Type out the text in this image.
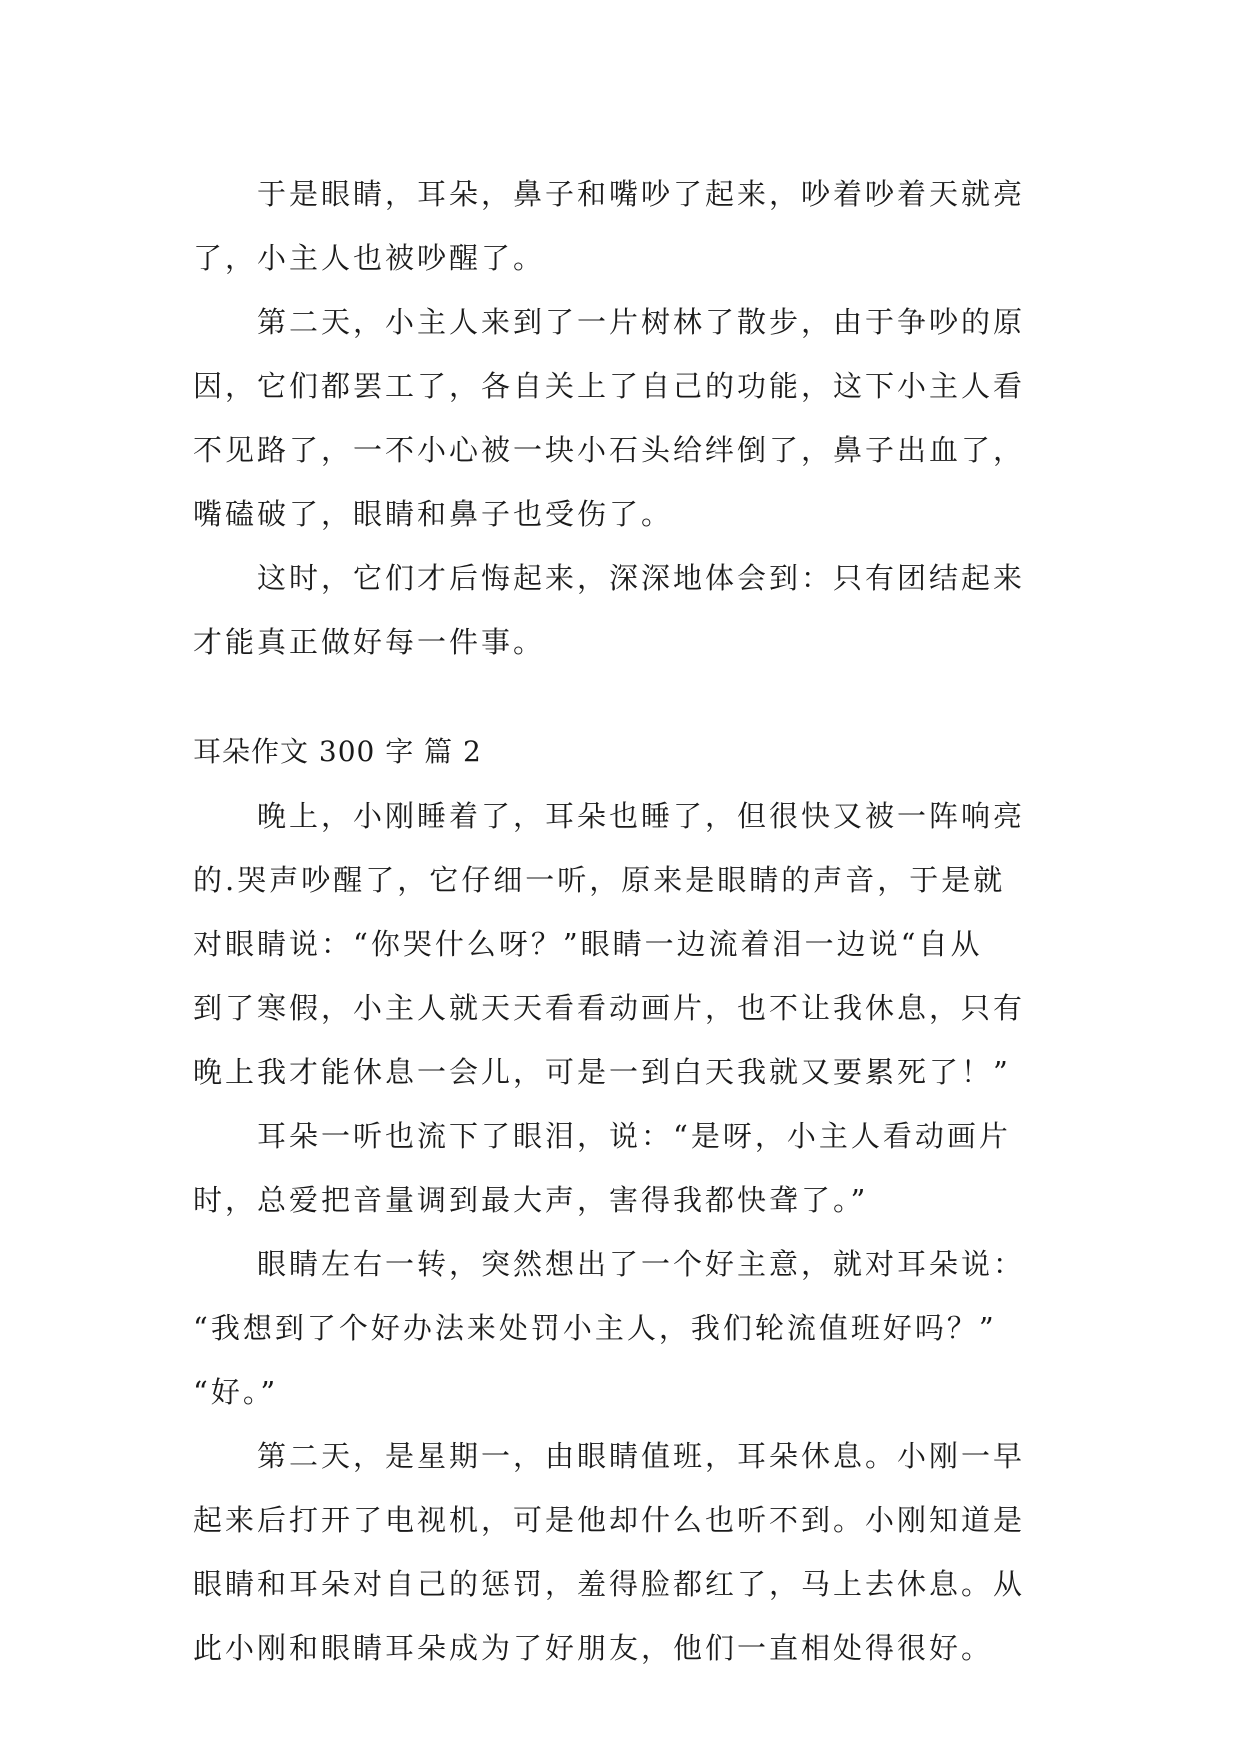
于是眼睛，耳朵，鼻子和嘴吵了起来，吵着吵着天就亮
了，小主人也被吵醒了。
第二天，小主人来到了一片树林了散步，由于争吵的原
因，它们都罢工了，各自关上了自己的功能，这下小主人看
不见路了，一不小心被一块小石头给绊倒了，鼻子出血了，
嘴磕破了，眼睛和鼻子也受伤了。
这时，它们才后悔起来，深深地体会到：只有团结起来
才能真正做好每一件事。
耳朵作文 300 字 篇 2
晚上，小刚睡着了，耳朵也睡了，但很快又被一阵响亮
的.哭声吵醒了，它仔细一听，原来是眼睛的声音，于是就
对眼睛说：“你哭什么呀？”眼睛一边流着泪一边说“自从
到了寒假，小主人就天天看看动画片，也不让我休息，只有
晚上我才能休息一会儿，可是一到白天我就又要累死了！”
耳朵一听也流下了眼泪，说：“是呀，小主人看动画片
时，总爱把音量调到最大声，害得我都快聋了。”
眼睛左右一转，突然想出了一个好主意，就对耳朵说：
“我想到了个好办法来处罚小主人，我们轮流值班好吗？”
“好。”
第二天，是星期一，由眼睛值班，耳朵休息。小刚一早
起来后打开了电视机，可是他却什么也听不到。小刚知道是
眼睛和耳朵对自己的惩罚，羞得脸都红了，马上去休息。从
此小刚和眼睛耳朵成为了好朋友，他们一直相处得很好。
